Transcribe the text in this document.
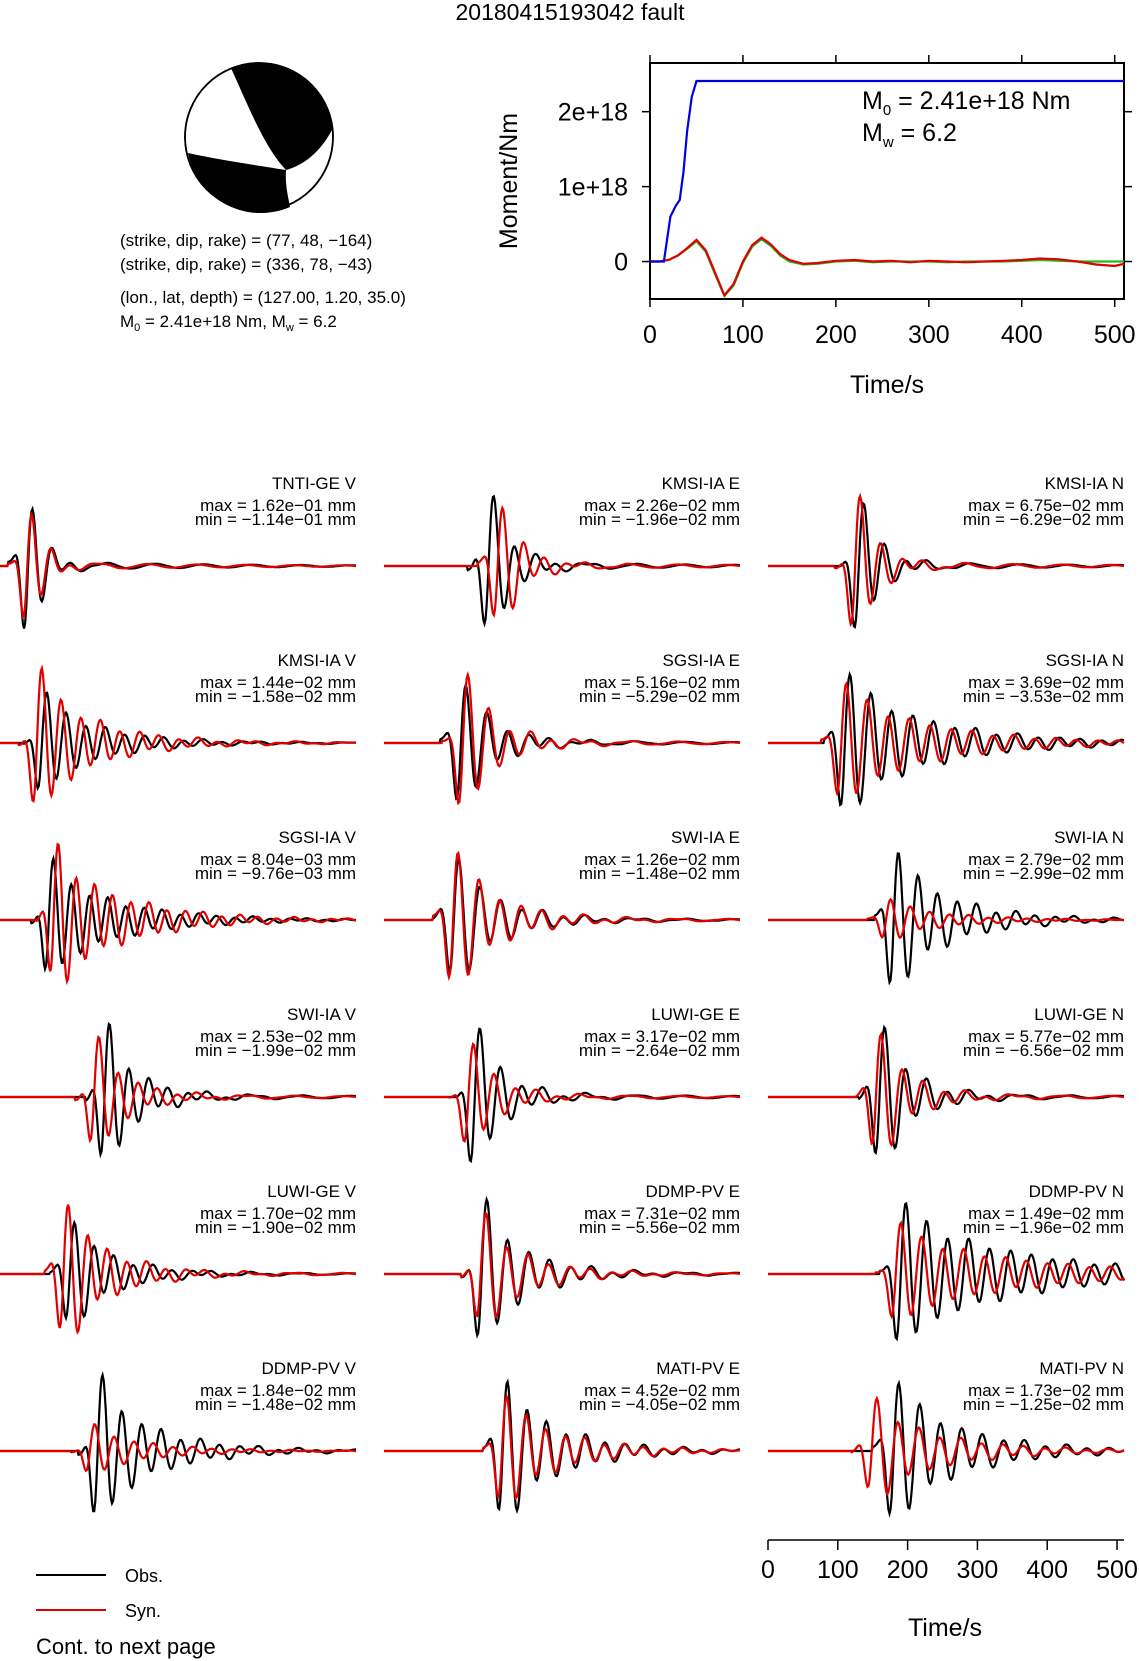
20180415193042 fault
(strike, dip, rake) = (77, 48, −164)
(strike, dip, rake) = (336, 78, −43)
(lon., lat, depth) = (127.00, 1.20, 35.0)
$M_0 = 2.41e+18$ Nm, $M_w = 6.2$	0	100 200 300 400 500
0
1e+18
2e+18
Moment/Nm
Time/s
$M_0 = 2.41e+18$ Nm
$M_w = 6.2$
TNTI-GE V
max = 1.62e−01 mm
min = −1.14e−01 mm
KMSI-IA E
max = 2.26e−02 mm
min = −1.96e−02 mm
KMSI-IA N
max = 6.75e−02 mm
min = −6.29e−02 mm
KMSI-IA V
max = 1.44e−02 mm
min = −1.58e−02 mm
SGSI-IA E
max = 5.16e−02 mm
min = −5.29e−02 mm
SGSI-IA N
max = 3.69e−02 mm
min = −3.53e−02 mm
SGSI-IA V
max = 8.04e−03 mm
min = −9.76e−03 mm
SWI-IA E
max = 1.26e−02 mm
min = −1.48e−02 mm
SWI-IA N
max = 2.79e−02 mm
min = −2.99e−02 mm
SWI-IA V
max = 2.53e−02 mm
min = −1.99e−02 mm
LUWI-GE E
max = 3.17e−02 mm
min = −2.64e−02 mm
LUWI-GE N
max = 5.77e−02 mm
min = −6.56e−02 mm
LUWI-GE V
max = 1.70e−02 mm
min = −1.90e−02 mm
DDMP-PV E
max = 7.31e−02 mm
min = −5.56e−02 mm
DDMP-PV N
max = 1.49e−02 mm
min = −1.96e−02 mm
DDMP-PV V
max = 1.84e−02 mm
min = −1.48e−02 mm
MATI-PV E
max = 4.52e−02 mm
min = −4.05e−02 mm
MATI-PV N
max = 1.73e−02 mm
min = −1.25e−02 mm
Time/s
0 100 200 300 400 500
Obs.
Syn.
Cont. to next page
